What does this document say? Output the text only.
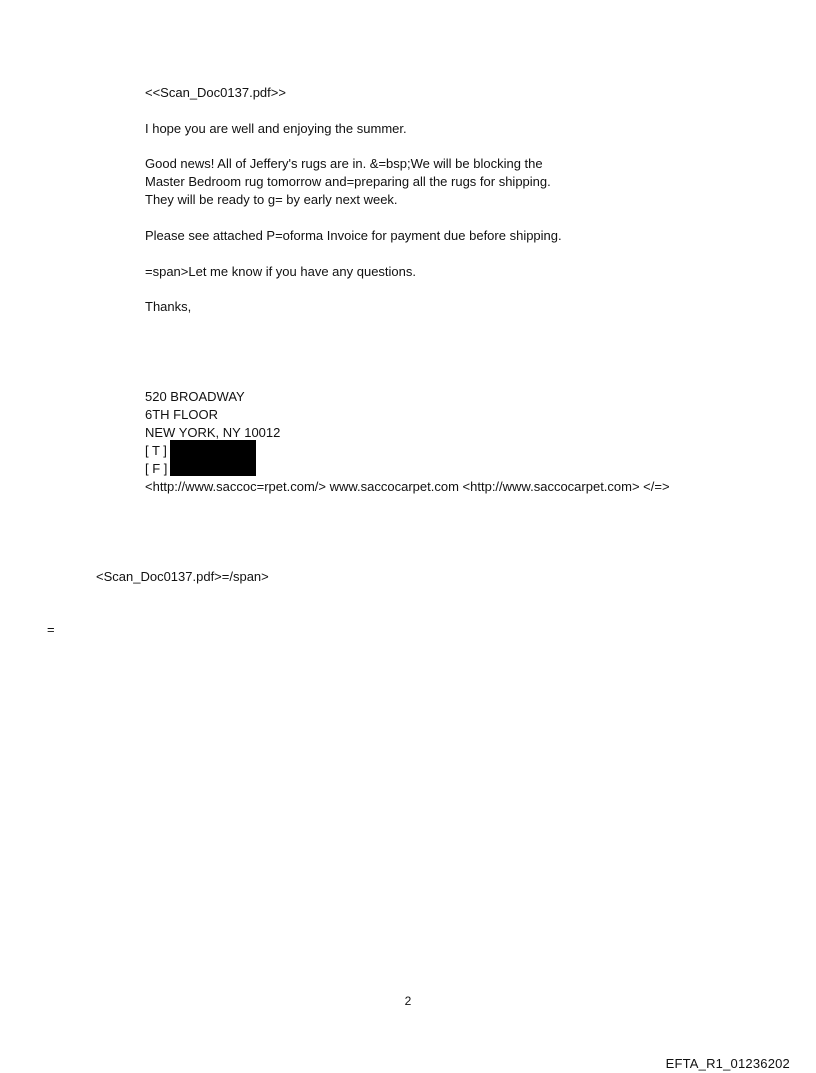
<<Scan_Doc0137.pdf>>
I hope you are well and enjoying the summer.
Good news! All of Jeffery's rugs are in. &=bsp;We will be blocking the
Master Bedroom rug tomorrow and=preparing all the rugs for shipping.
They will be ready to g= by early next week.
Please see attached P=oforma Invoice for payment due before shipping.
=span>Let me know if you have any questions.
Thanks,
520 BROADWAY
6TH FLOOR
NEW YORK, NY 10012
[ T ]
[ F ]
<http://www.saccoc=rpet.com/> www.saccocarpet.com <http://www.saccocarpet.com> </=>
<Scan_Doc0137.pdf>=/span>
=
2
EFTA_R1_01236202
